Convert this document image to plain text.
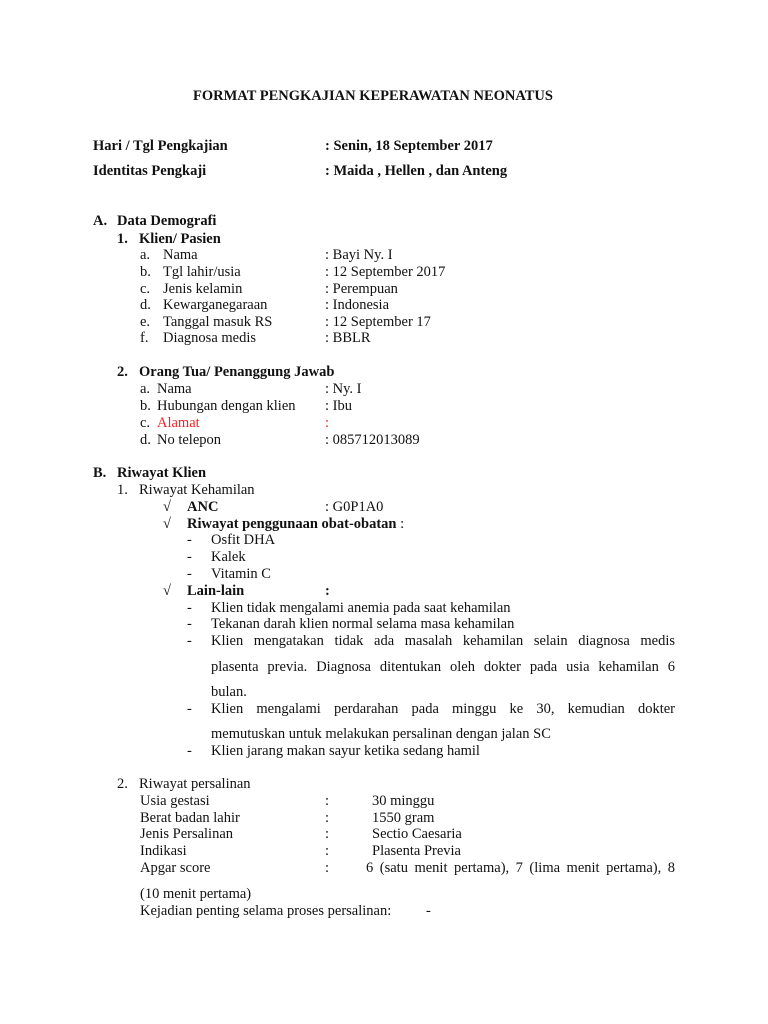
FORMAT PENGKAJIAN KEPERAWATAN NEONATUS
Hari / Tgl Pengkajian	: Senin, 18 September 2017
Identitas Pengkaji	: Maida , Hellen , dan Anteng
A. Data Demografi
1. Klien/ Pasien
a. Nama	: Bayi Ny. I
b. Tgl lahir/usia	: 12 September 2017
c. Jenis kelamin	: Perempuan
d. Kewarganegaraan	: Indonesia
e. Tanggal masuk RS	: 12 September 17
f. Diagnosa medis	: BBLR
2. Orang Tua/ Penanggung Jawab
a. Nama	: Ny. I
b. Hubungan dengan klien : Ibu
c. Alamat	:
d. No telepon	: 085712013089
B. Riwayat Klien
1. Riwayat Kehamilan
√ ANC	: G0P1A0
√ Riwayat penggunaan obat-obatan :
- Osfit DHA
- Kalek
- Vitamin C
√ Lain-lain	:
- Klien tidak mengalami anemia pada saat kehamilan
- Tekanan darah klien normal selama masa kehamilan
- Klien mengatakan tidak ada masalah kehamilan selain diagnosa medis
plasenta previa. Diagnosa ditentukan oleh dokter pada usia kehamilan 6
bulan.
- Klien mengalami perdarahan pada minggu ke 30, kemudian dokter
memutuskan untuk melakukan persalinan dengan jalan SC
- Klien jarang makan sayur ketika sedang hamil
2. Riwayat persalinan
Usia gestasi	:	30 minggu
Berat badan lahir	:	1550 gram
Jenis Persalinan	:	Sectio Caesaria
Indikasi	:	Plasenta Previa
Apgar score	:	6 (satu menit pertama), 7 (lima menit pertama), 8
(10 menit pertama)
Kejadian penting selama proses persalinan: -
